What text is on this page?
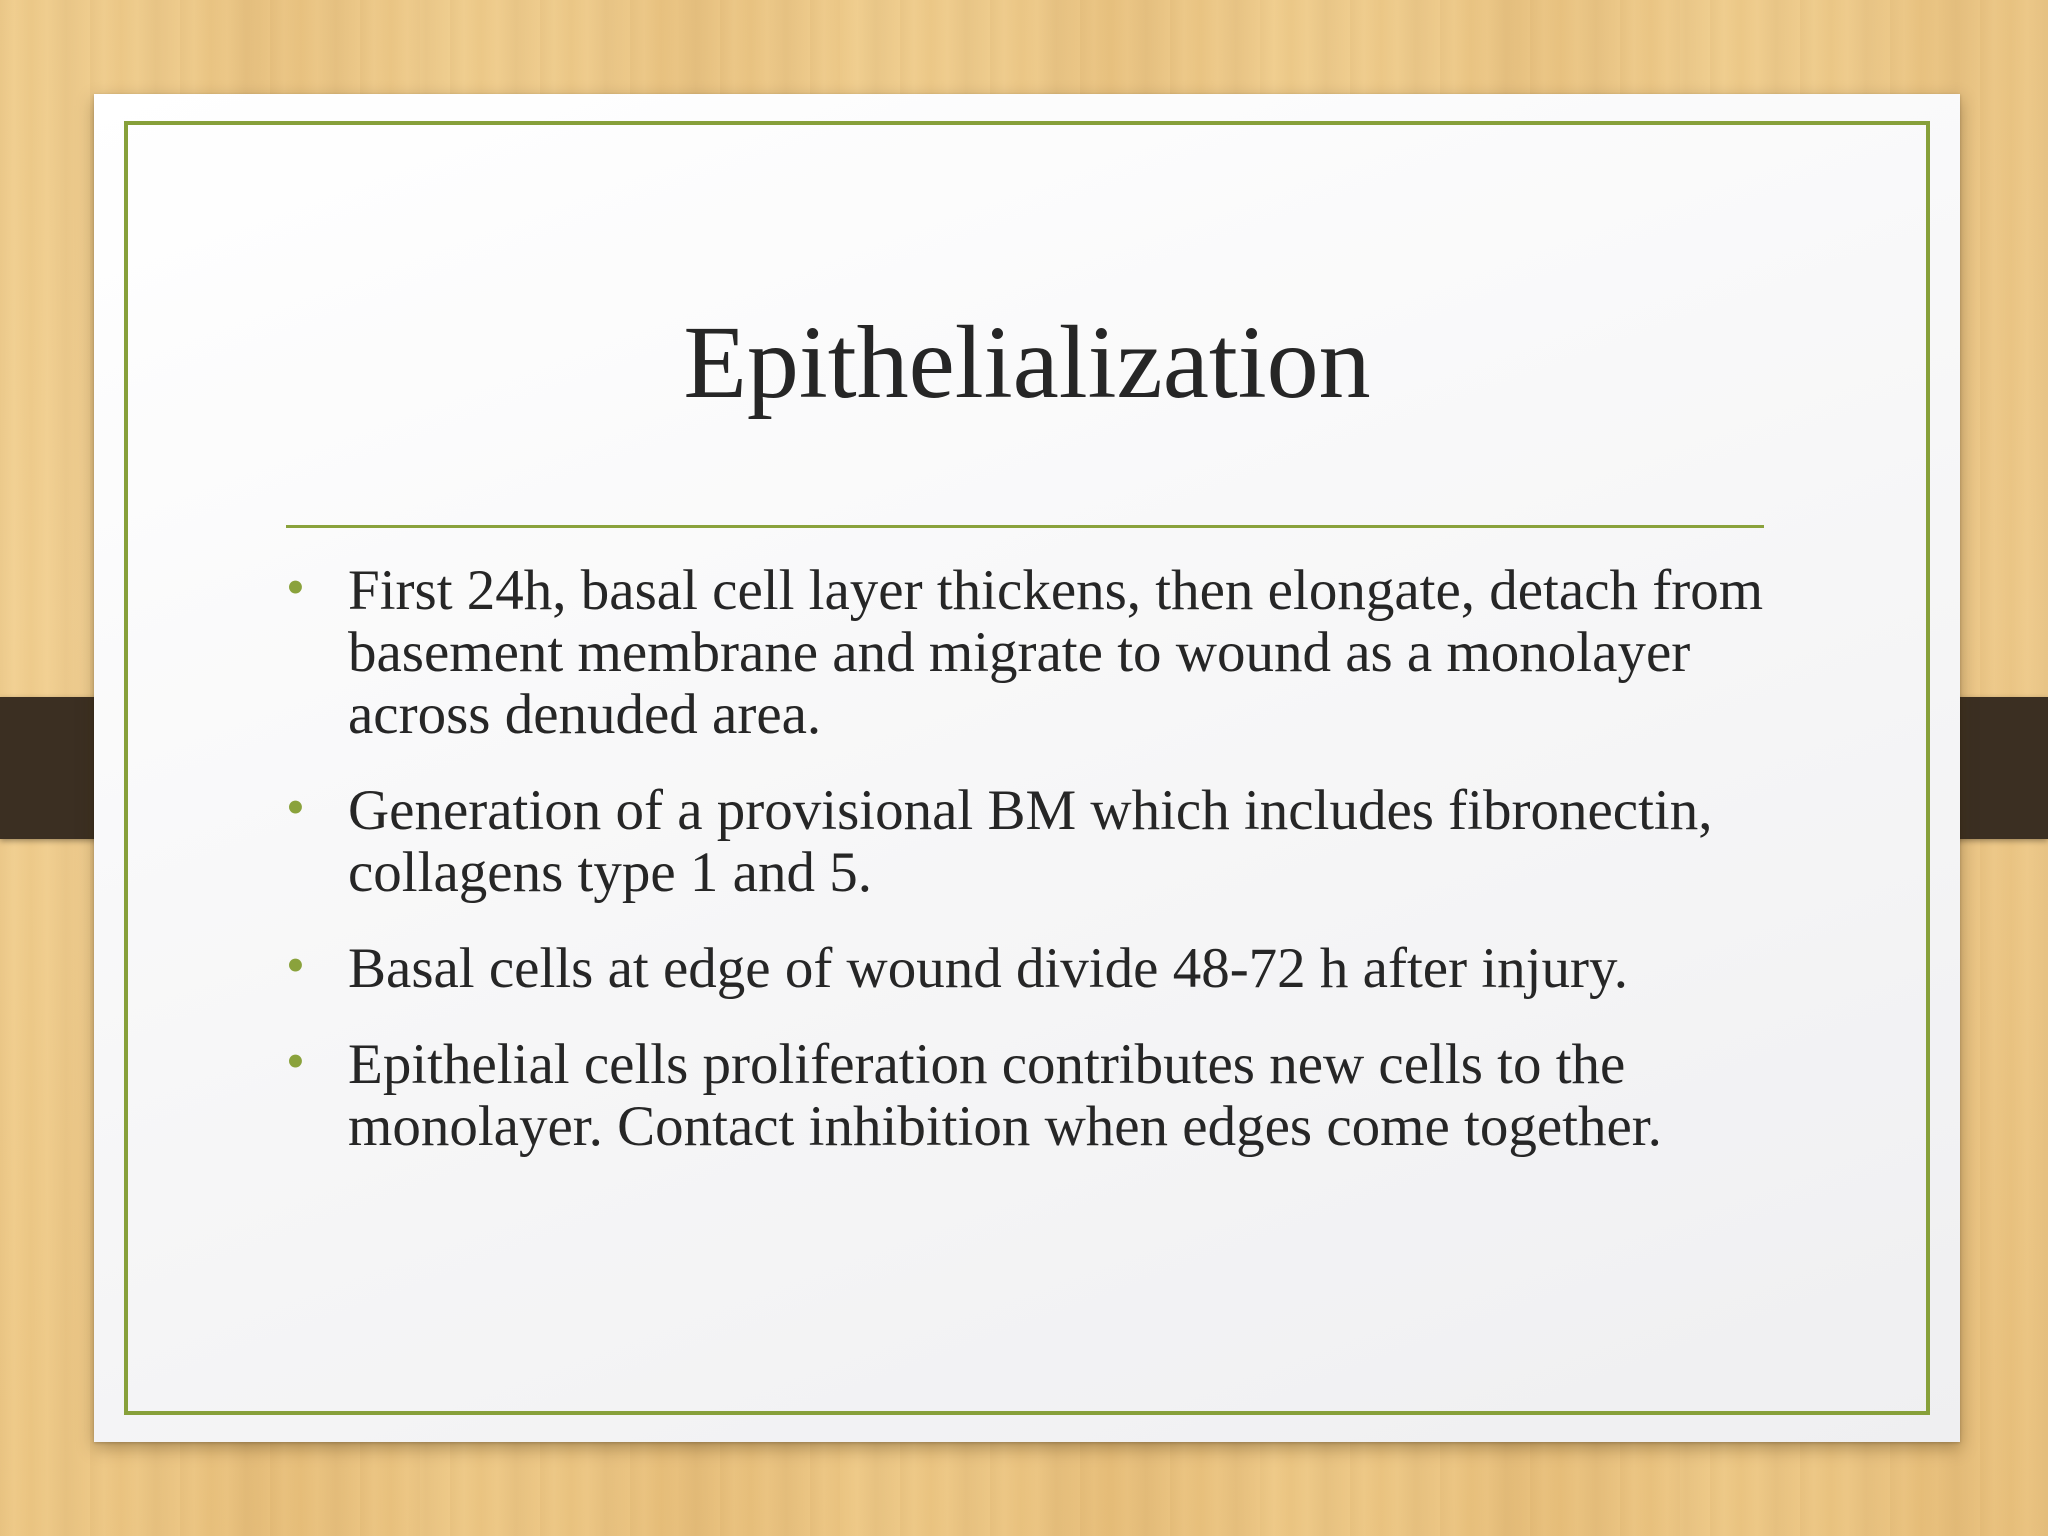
Epithelialization
• First 24h, basal cell layer thickens, then elongate, detach from basement membrane and migrate to wound as a monolayer across denuded area.
• Generation of a provisional BM which includes fibronectin, collagens type 1 and 5.
• Basal cells at edge of wound divide 48-72 h after injury.
• Epithelial cells proliferation contributes new cells to the monolayer. Contact inhibition when edges come together.
